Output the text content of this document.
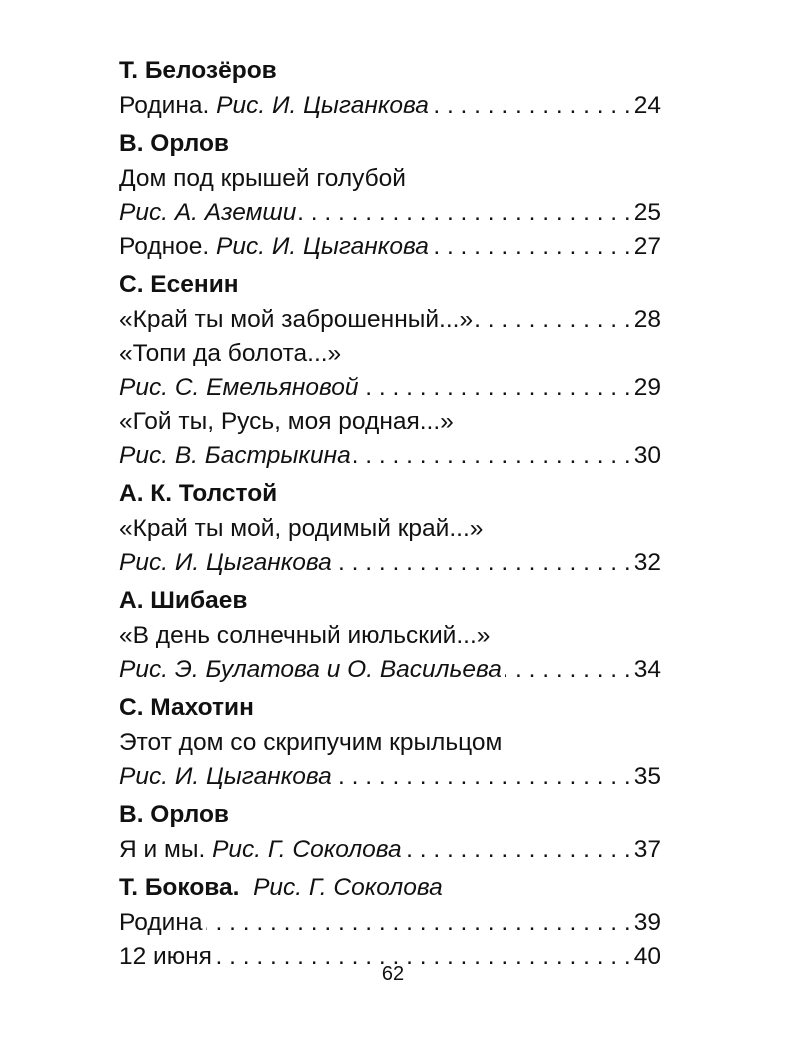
Т. Белозёров
Родина. Рис. И. Цыганкова . . .	24
В. Орлов
Дом под крышей голубой
Рис. А. Аземши . . .	25
Родное. Рис. И. Цыганкова . . .	27
С. Есенин
«Край ты мой заброшенный...» . . .	28
«Топи да болота...»
Рис. С. Емельяновой . . .	29
«Гой ты, Русь, моя родная...»
Рис. В. Бастрыкина . . .	30
А. К. Толстой
«Край ты мой, родимый край...»
Рис. И. Цыганкова . . .	32
А. Шибаев
«В день солнечный июльский...»
Рис. Э. Булатова и О. Васильева . . .	34
С. Махотин
Этот дом со скрипучим крыльцом
Рис. И. Цыганкова . . .	35
В. Орлов
Я и мы. Рис. Г. Соколова . . .	37
Т. Бокова.  Рис. Г. Соколова
Родина . . .	39
12 июня . . .	40
62
